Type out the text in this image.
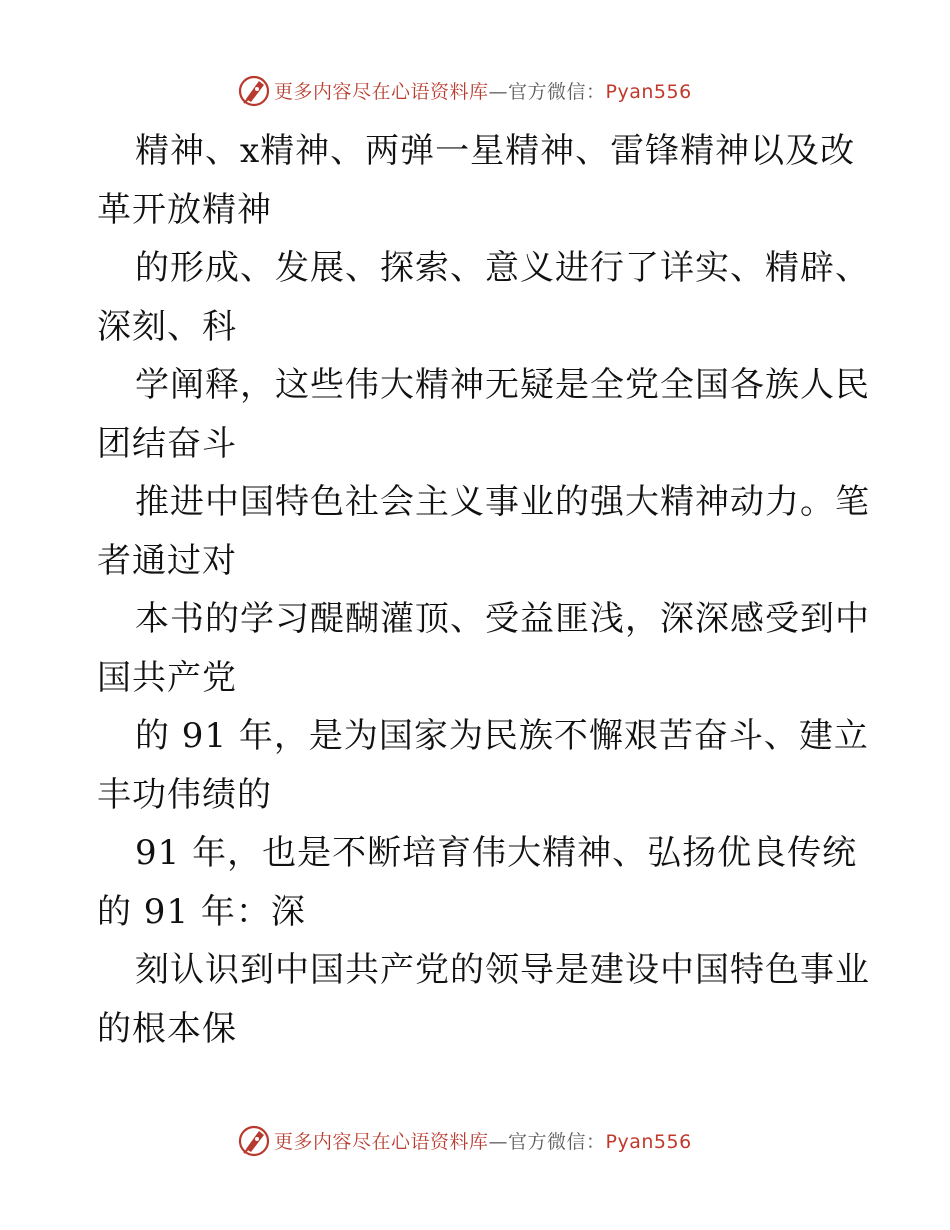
更多内容尽在心语资料库—官方微信：Pyan556
精神、x精神、两弹一星精神、雷锋精神以及改
革开放精神
的形成、发展、探索、意义进行了详实、精辟、
深刻、科
学阐释，这些伟大精神无疑是全党全国各族人民
团结奋斗
推进中国特色社会主义事业的强大精神动力。笔
者通过对
本书的学习醍醐灌顶、受益匪浅，深深感受到中
国共产党
的 91 年，是为国家为民族不懈艰苦奋斗、建立
丰功伟绩的
91 年，也是不断培育伟大精神、弘扬优良传统
的 91 年：深
刻认识到中国共产党的领导是建设中国特色事业
的根本保
更多内容尽在心语资料库—官方微信：Pyan556
